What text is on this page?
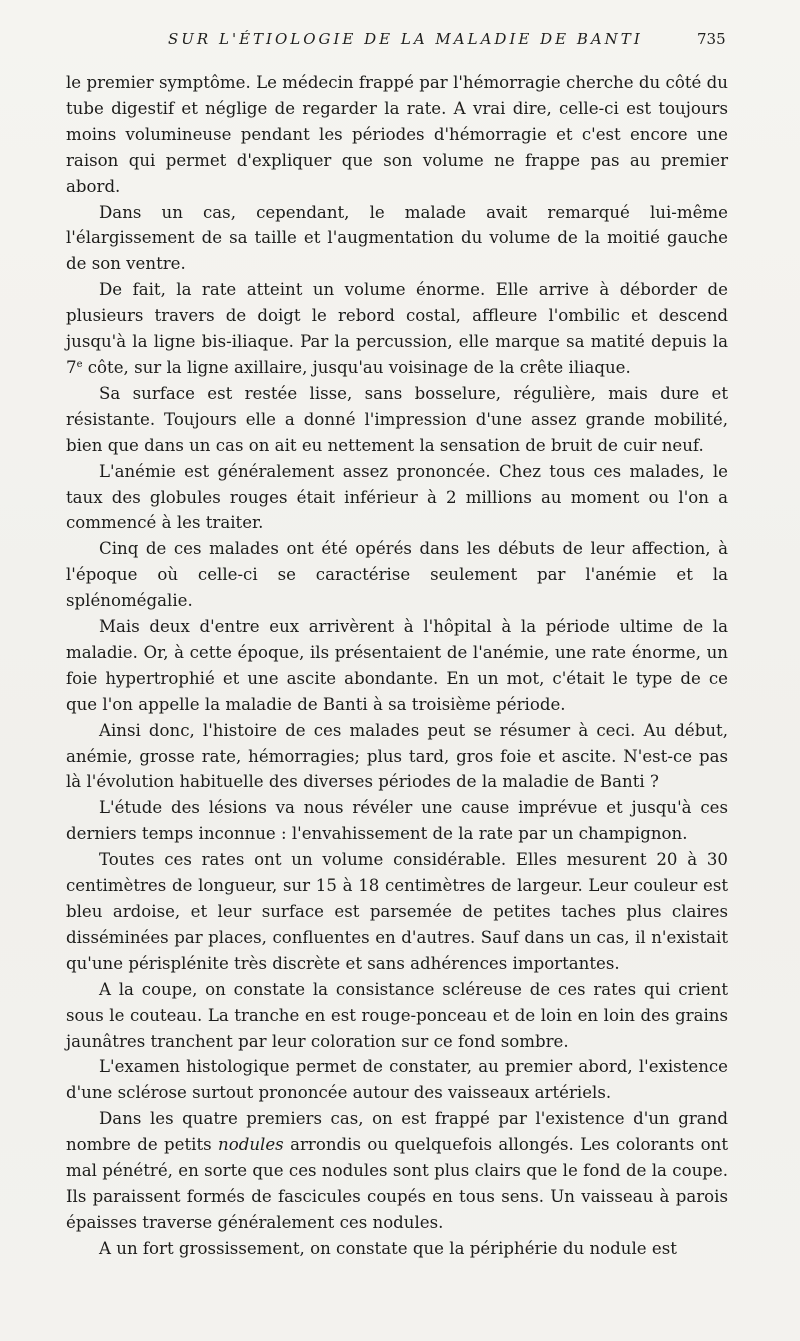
SUR L'ÉTIOLOGIE DE LA MALADIE DE BANTI	735

le premier symptôme. Le médecin frappé par l'hémorragie cherche du côté du tube digestif et néglige de regarder la rate. A vrai dire, celle-ci est toujours moins volumineuse pendant les périodes d'hémorragie et c'est encore une raison qui permet d'expliquer que son volume ne frappe pas au premier abord.

Dans un cas, cependant, le malade avait remarqué lui-même l'élargissement de sa taille et l'augmentation du volume de la moitié gauche de son ventre.

De fait, la rate atteint un volume énorme. Elle arrive à déborder de plusieurs travers de doigt le rebord costal, affleure l'ombilic et descend jusqu'à la ligne bis-iliaque. Par la percussion, elle marque sa matité depuis la 7e côte, sur la ligne axillaire, jusqu'au voisinage de la crête iliaque.

Sa surface est restée lisse, sans bosselure, régulière, mais dure et résistante. Toujours elle a donné l'impression d'une assez grande mobilité, bien que dans un cas on ait eu nettement la sensation de bruit de cuir neuf.

L'anémie est généralement assez prononcée. Chez tous ces malades, le taux des globules rouges était inférieur à 2 millions au moment ou l'on a commencé à les traiter.

Cinq de ces malades ont été opérés dans les débuts de leur affection, à l'époque où celle-ci se caractérise seulement par l'anémie et la splénomégalie.

Mais deux d'entre eux arrivèrent à l'hôpital à la période ultime de la maladie. Or, à cette époque, ils présentaient de l'anémie, une rate énorme, un foie hypertrophié et une ascite abondante. En un mot, c'était le type de ce que l'on appelle la maladie de Banti à sa troisième période.

Ainsi donc, l'histoire de ces malades peut se résumer à ceci. Au début, anémie, grosse rate, hémorragies; plus tard, gros foie et ascite. N'est-ce pas là l'évolution habituelle des diverses périodes de la maladie de Banti ?

L'étude des lésions va nous révéler une cause imprévue et jusqu'à ces derniers temps inconnue : l'envahissement de la rate par un champignon.

Toutes ces rates ont un volume considérable. Elles mesurent 20 à 30 centimètres de longueur, sur 15 à 18 centimètres de largeur. Leur couleur est bleu ardoise, et leur surface est parsemée de petites taches plus claires disséminées par places, confluentes en d'autres. Sauf dans un cas, il n'existait qu'une périsplénite très discrète et sans adhérences importantes.

A la coupe, on constate la consistance scléreuse de ces rates qui crient sous le couteau. La tranche en est rouge-ponceau et de loin en loin des grains jaunâtres tranchent par leur coloration sur ce fond sombre.

L'examen histologique permet de constater, au premier abord, l'existence d'une sclérose surtout prononcée autour des vaisseaux artériels.

Dans les quatre premiers cas, on est frappé par l'existence d'un grand nombre de petits nodules arrondis ou quelquefois allongés. Les colorants ont mal pénétré, en sorte que ces nodules sont plus clairs que le fond de la coupe. Ils paraissent formés de fascicules coupés en tous sens. Un vaisseau à parois épaisses traverse généralement ces nodules.

A un fort grossissement, on constate que la périphérie du nodule est
